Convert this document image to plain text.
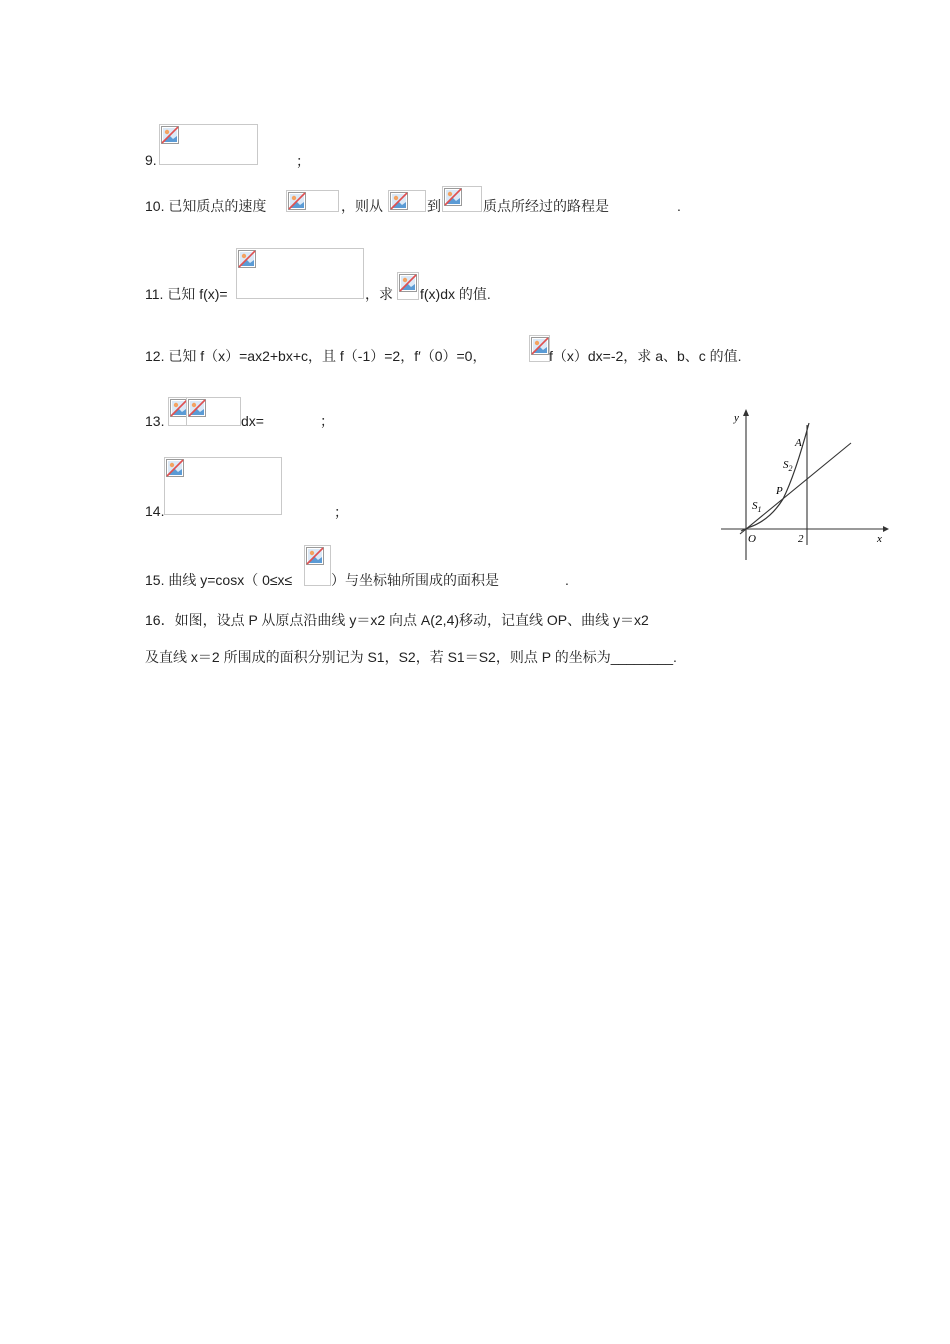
9.	；
10. 已知质点的速度	，则从	到	质点所经过的路程是	.
11. 已知 f(x)=	，求 f(x)dx 的值.
12. 已知 f（x）=ax2+bx+c，且 f（-1）=2，f′（0）=0，	f（x）dx=-2，求 a、b、c 的值.
13.	dx=	；
14.	；
15. 曲线 y=cosx（ 0≤x≤	）与坐标轴所围成的面积是	.
16．如图，设点 P 从原点沿曲线 y＝x2 向点 A(2,4)移动，记直线 OP、曲线 y＝x2
及直线 x＝2 所围成的面积分别记为 S1，S2，若 S1＝S2，则点 P 的坐标为________.
y
x
O	2
A
P
$S_1$
$S_2$
